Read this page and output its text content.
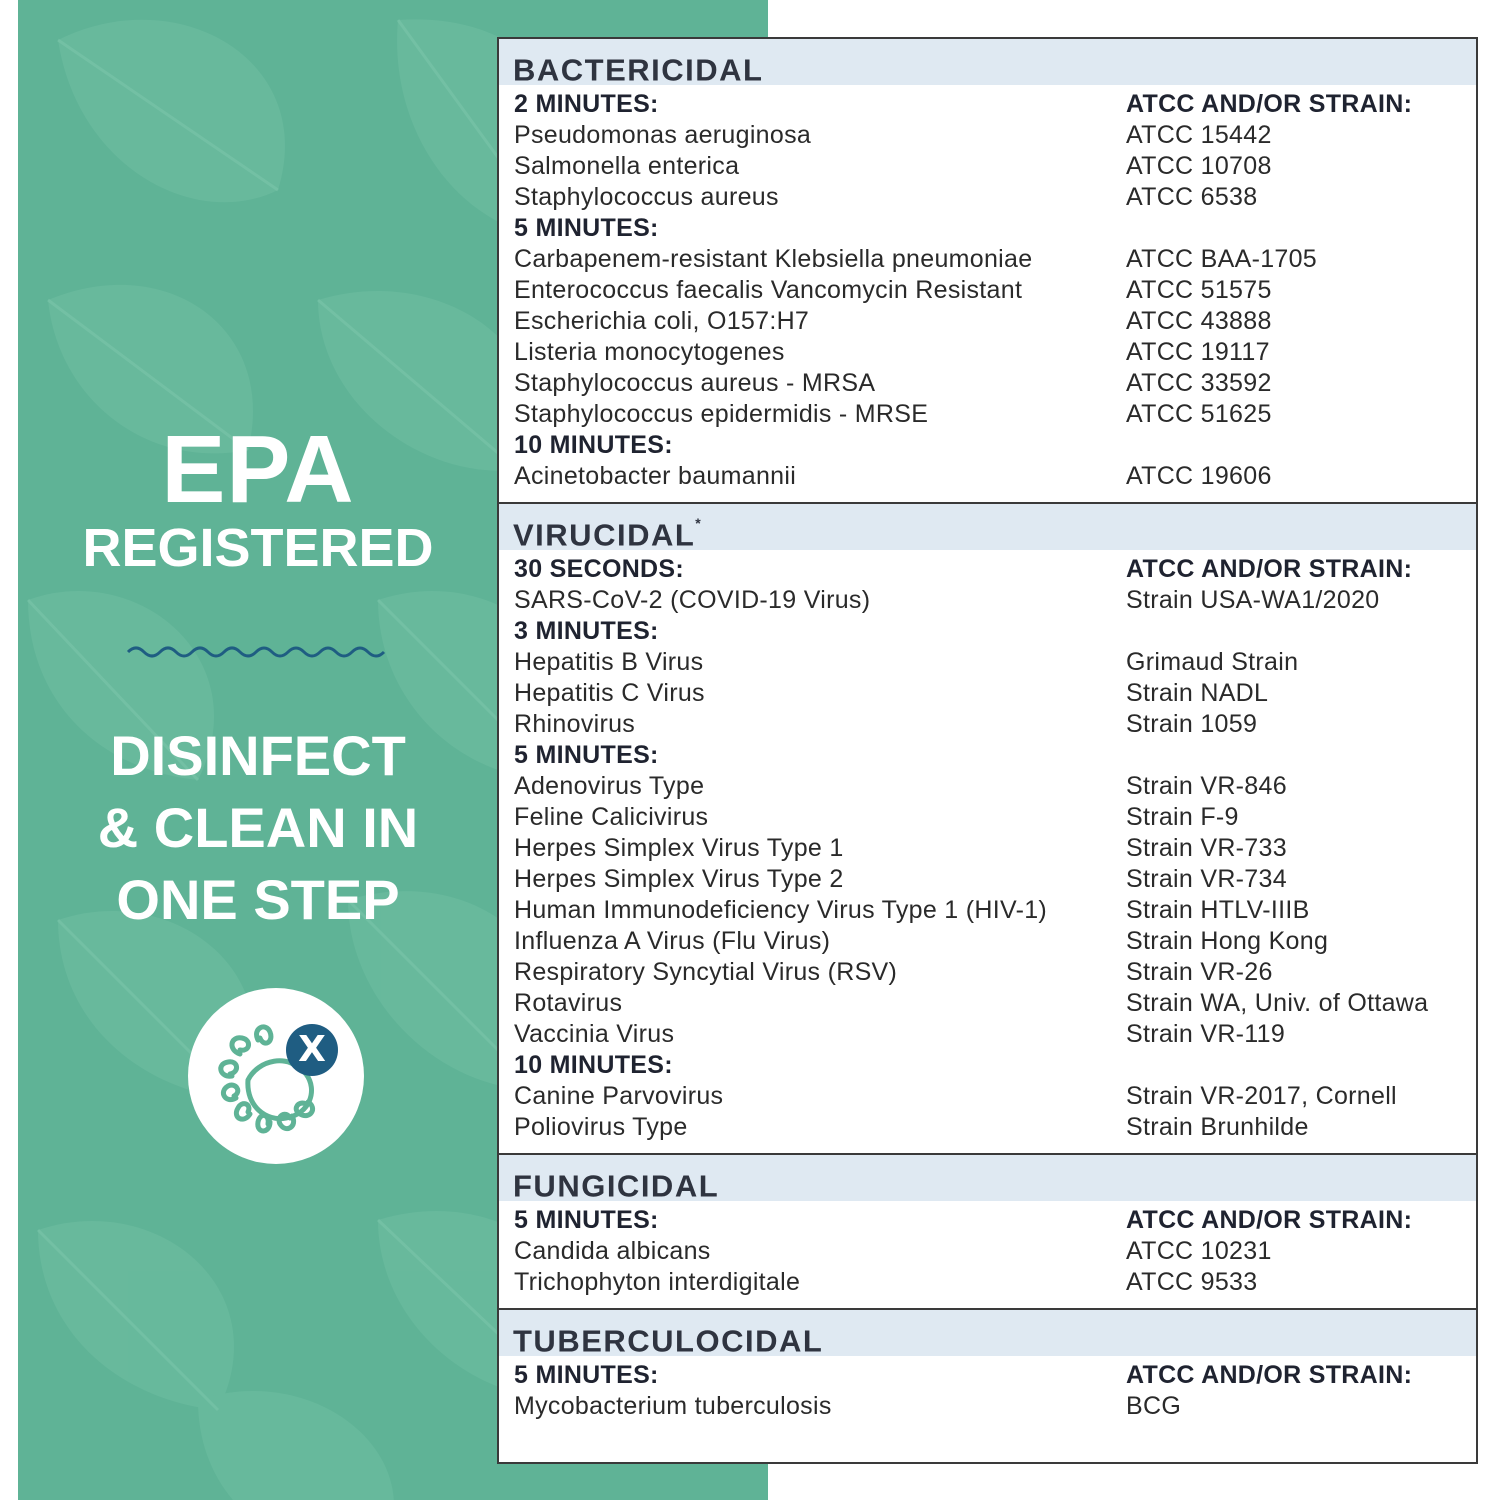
EPA
REGISTERED
DISINFECT
& CLEAN IN
ONE STEP
X
BACTERICIDAL
2 MINUTES:	ATCC AND/OR STRAIN:
Pseudomonas aeruginosa	ATCC 15442
Salmonella enterica	ATCC 10708
Staphylococcus aureus	ATCC 6538
5 MINUTES:
Carbapenem-resistant Klebsiella pneumoniae	ATCC BAA-1705
Enterococcus faecalis Vancomycin Resistant	ATCC 51575
Escherichia coli, O157:H7	ATCC 43888
Listeria monocytogenes	ATCC 19117
Staphylococcus aureus - MRSA	ATCC 33592
Staphylococcus epidermidis - MRSE	ATCC 51625
10 MINUTES:
Acinetobacter baumannii	ATCC 19606
VIRUCIDAL*
30 SECONDS:	ATCC AND/OR STRAIN:
SARS-CoV-2 (COVID-19 Virus)	Strain USA-WA1/2020
3 MINUTES:
Hepatitis B Virus	Grimaud Strain
Hepatitis C Virus	Strain NADL
Rhinovirus	Strain 1059
5 MINUTES:
Adenovirus Type	Strain VR-846
Feline Calicivirus	Strain F-9
Herpes Simplex Virus Type 1	Strain VR-733
Herpes Simplex Virus Type 2	Strain VR-734
Human Immunodeficiency Virus Type 1 (HIV-1)	Strain HTLV-IIIB
Influenza A Virus (Flu Virus)	Strain Hong Kong
Respiratory Syncytial Virus (RSV)	Strain VR-26
Rotavirus	Strain WA, Univ. of Ottawa
Vaccinia Virus	Strain VR-119
10 MINUTES:
Canine Parvovirus	Strain VR-2017, Cornell
Poliovirus Type	Strain Brunhilde
FUNGICIDAL
5 MINUTES:	ATCC AND/OR STRAIN:
Candida albicans	ATCC 10231
Trichophyton interdigitale	ATCC 9533
TUBERCULOCIDAL
5 MINUTES:	ATCC AND/OR STRAIN:
Mycobacterium tuberculosis	BCG
